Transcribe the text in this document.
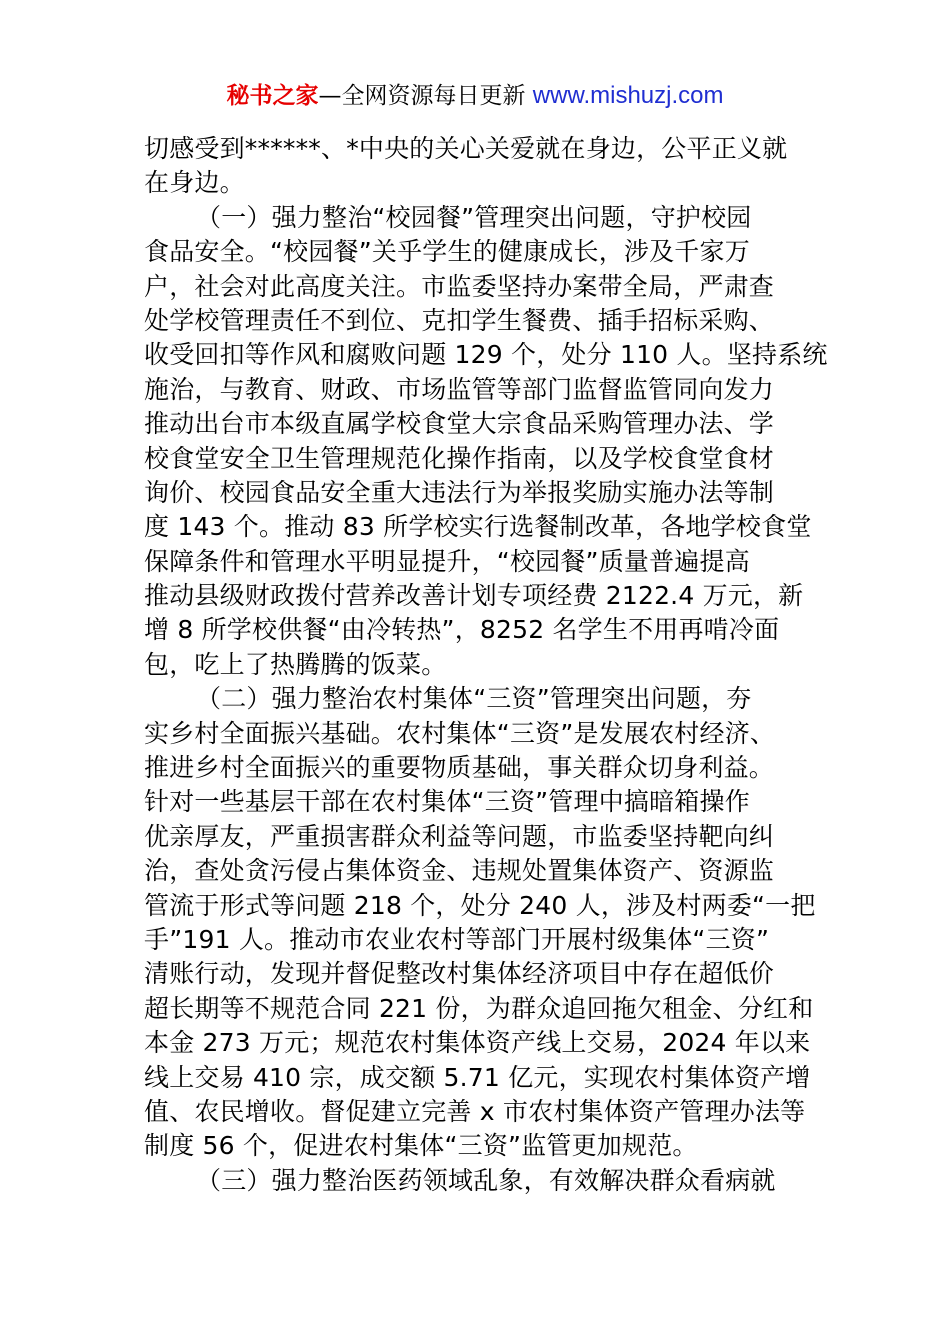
秘书之家—全网资源每日更新 www.mishuzj.com
切感受到******、*中央的关心关爱就在身边，公平正义就
在身边。
（一）强力整治“校园餐”管理突出问题，守护校园
食品安全。“校园餐”关乎学生的健康成长，涉及千家万
户，社会对此高度关注。市监委坚持办案带全局，严肃查
处学校管理责任不到位、克扣学生餐费、插手招标采购、
收受回扣等作风和腐败问题 129 个，处分 110 人。坚持系统
施治，与教育、财政、市场监管等部门监督监管同向发力
推动出台市本级直属学校食堂大宗食品采购管理办法、学
校食堂安全卫生管理规范化操作指南，以及学校食堂食材
询价、校园食品安全重大违法行为举报奖励实施办法等制
度 143 个。推动 83 所学校实行选餐制改革，各地学校食堂
保障条件和管理水平明显提升，“校园餐”质量普遍提高
推动县级财政拨付营养改善计划专项经费 2122.4 万元，新
增 8 所学校供餐“由冷转热”，8252 名学生不用再啃冷面
包，吃上了热腾腾的饭菜。
（二）强力整治农村集体“三资”管理突出问题，夯
实乡村全面振兴基础。农村集体“三资”是发展农村经济、
推进乡村全面振兴的重要物质基础，事关群众切身利益。
针对一些基层干部在农村集体“三资”管理中搞暗箱操作
优亲厚友，严重损害群众利益等问题，市监委坚持靶向纠
治，查处贪污侵占集体资金、违规处置集体资产、资源监
管流于形式等问题 218 个，处分 240 人，涉及村两委“一把
手”191 人。推动市农业农村等部门开展村级集体“三资”
清账行动，发现并督促整改村集体经济项目中存在超低价
超长期等不规范合同 221 份，为群众追回拖欠租金、分红和
本金 273 万元；规范农村集体资产线上交易，2024 年以来
线上交易 410 宗，成交额 5.71 亿元，实现农村集体资产增
值、农民增收。督促建立完善 x 市农村集体资产管理办法等
制度 56 个，促进农村集体“三资”监管更加规范。
（三）强力整治医药领域乱象，有效解决群众看病就
